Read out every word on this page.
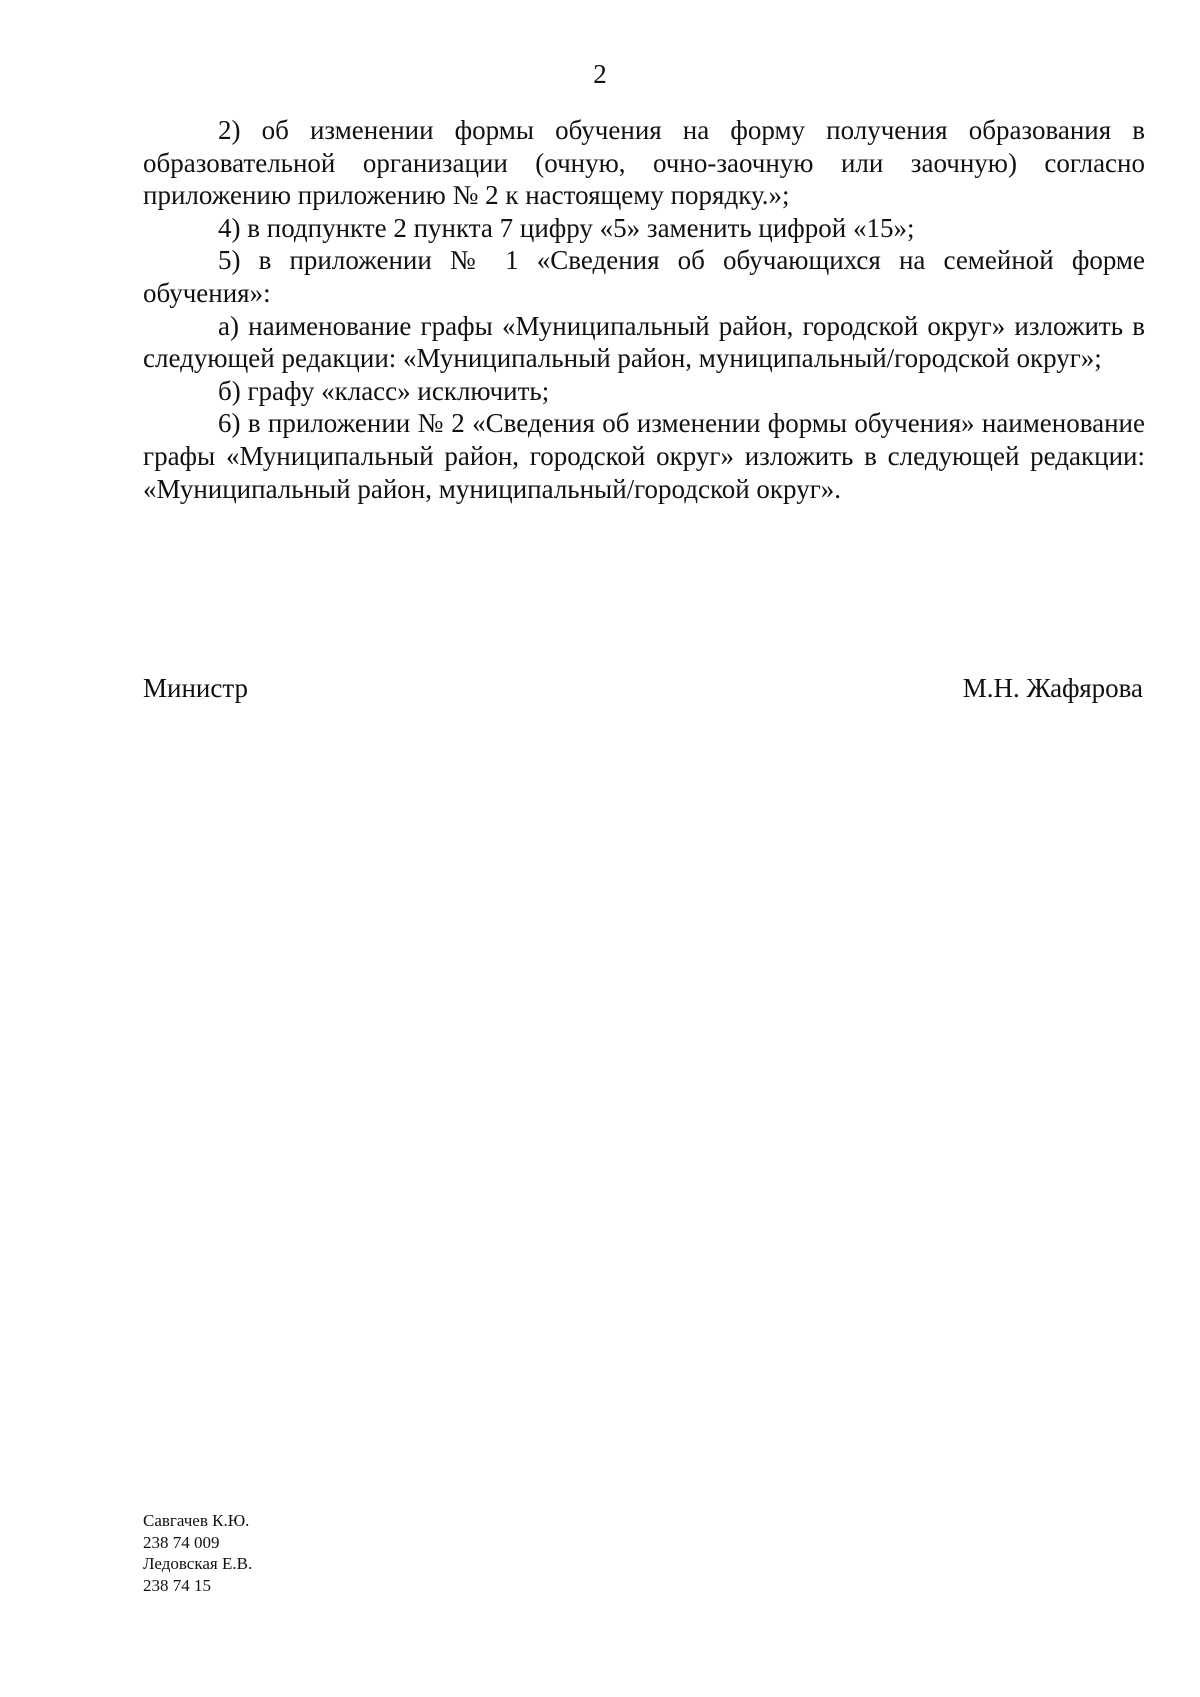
2

2) об изменении формы обучения на форму получения образования в образовательной организации (очную, очно-заочную или заочную) согласно приложению приложению № 2 к настоящему порядку.»;

4) в подпункте 2 пункта 7 цифру «5» заменить цифрой «15»;

5) в приложении № 1 «Сведения об обучающихся на семейной форме обучения»:

а) наименование графы «Муниципальный район, городской округ» изложить в следующей редакции: «Муниципальный район, муниципальный/городской округ»;

б) графу «класс» исключить;

6) в приложении № 2 «Сведения об изменении формы обучения» наименование графы «Муниципальный район, городской округ» изложить в следующей редакции: «Муниципальный район, муниципальный/городской округ».

Министр	М.Н. Жафярова
Савгачев К.Ю.
238 74 009
Ледовская Е.В.
238 74 15
